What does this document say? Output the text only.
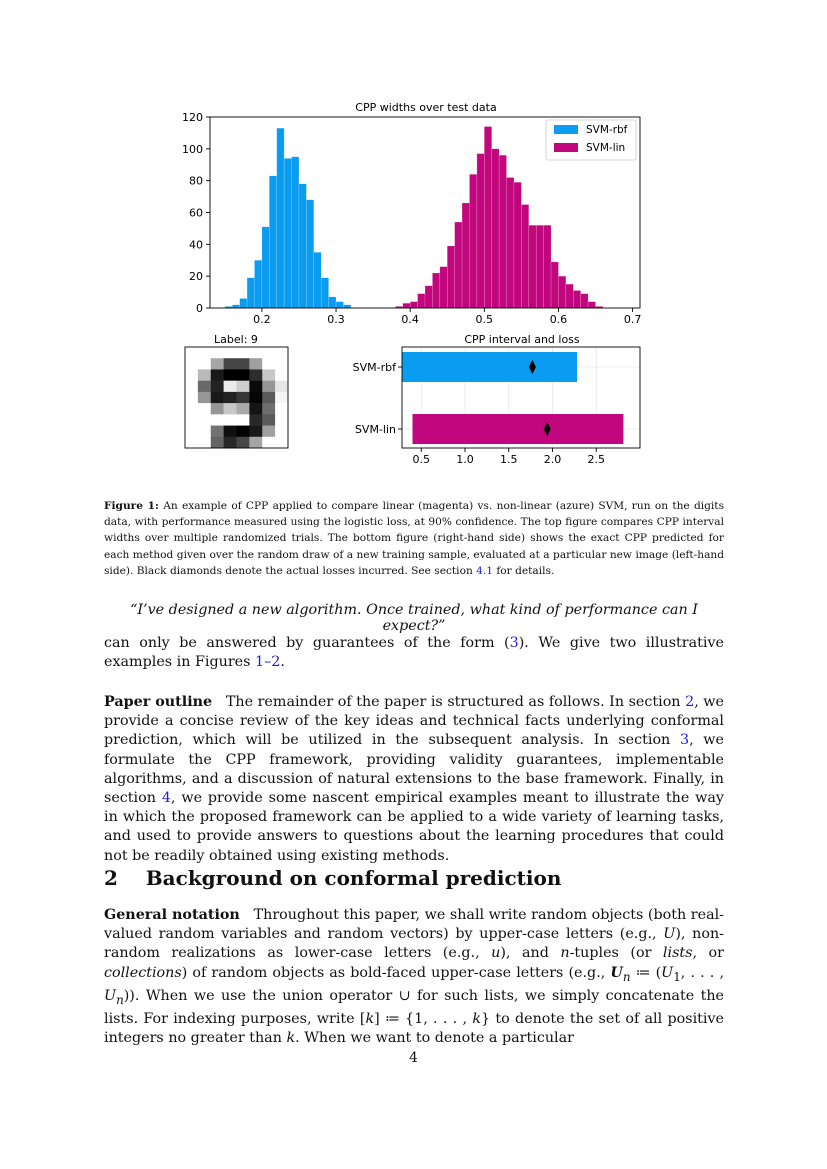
CPP widths over test data
0
20
40
60
80
100
120
0.2	0.3	0.4	0.5	0.6	0.7
SVM-rbf
SVM-lin
Label: 9	CPP interval and loss
SVM-rbf
SVM-lin
0.5 1.0 1.5 2.0 2.5
Figure 1: An example of CPP applied to compare linear (magenta) vs. non-linear (azure) SVM, run on the digits data, with performance measured using the logistic loss, at 90% confidence. The top figure compares CPP interval widths over multiple randomized trials. The bottom figure (right-hand side) shows the exact CPP predicted for each method given over the random draw of a new training sample, evaluated at a particular new image (left-hand side). Black diamonds denote the actual losses incurred. See section 4.1 for details.
“I’ve designed a new algorithm. Once trained, what kind of performance can I expect?”
can only be answered by guarantees of the form (3). We give two illustrative examples in Figures 1–2.
Paper outline The remainder of the paper is structured as follows. In section 2, we provide a concise review of the key ideas and technical facts underlying conformal prediction, which will be utilized in the subsequent analysis. In section 3, we formulate the CPP framework, providing validity guarantees, implementable algorithms, and a discussion of natural extensions to the base framework. Finally, in section 4, we provide some nascent empirical examples meant to illustrate the way in which the proposed framework can be applied to a wide variety of learning tasks, and used to provide answers to questions about the learning procedures that could not be readily obtained using existing methods.
2 Background on conformal prediction
General notation Throughout this paper, we shall write random objects (both real-valued random variables and random vectors) by upper-case letters (e.g., U), non-random realizations as lower-case letters (e.g., u), and n-tuples (or lists, or collections) of random objects as bold-faced upper-case letters (e.g., $U_n$ ≔ ($U_1$, . . . , $U_n$)). When we use the union operator ∪ for such lists, we simply concatenate the lists. For indexing purposes, write [k] ≔ {1, . . . , k} to denote the set of all positive integers no greater than k. When we want to denote a particular
4
